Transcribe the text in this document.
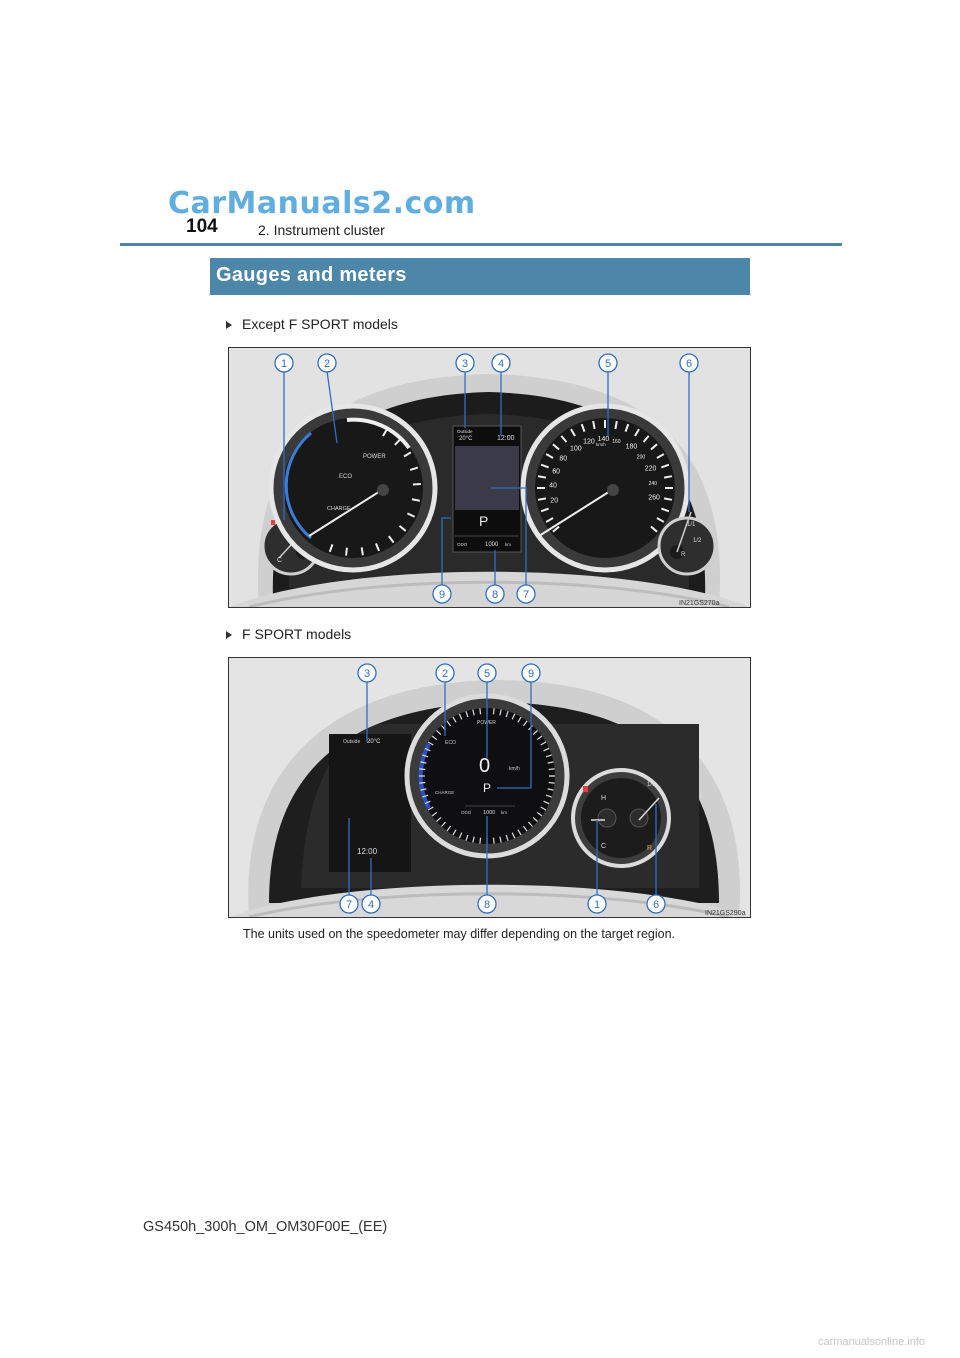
CarManuals2.com
104	2. Instrument cluster
Gauges and meters
Except F SPORT models
C
POWER
ECO
CHARGE
Outside
20°C	12:00
P
ODO	1000 km
20
40
60
80
100
120 140 160
180
200
220
240
260
km/h
1/1
1/2
R
1	2	3	4	5	6
9	8 7
IN21GS270a
F SPORT models
Outside 20°C
12:00
POWER
ECO
CHARGE
0	km/h
P
ODO 1000 km
H
C
1/1
R
3	2	5	9
7 4	8	1	6
IN21GS290a
The units used on the speedometer may differ depending on the target region.
GS450h_300h_OM_OM30F00E_(EE)
carmanualsonline.info
